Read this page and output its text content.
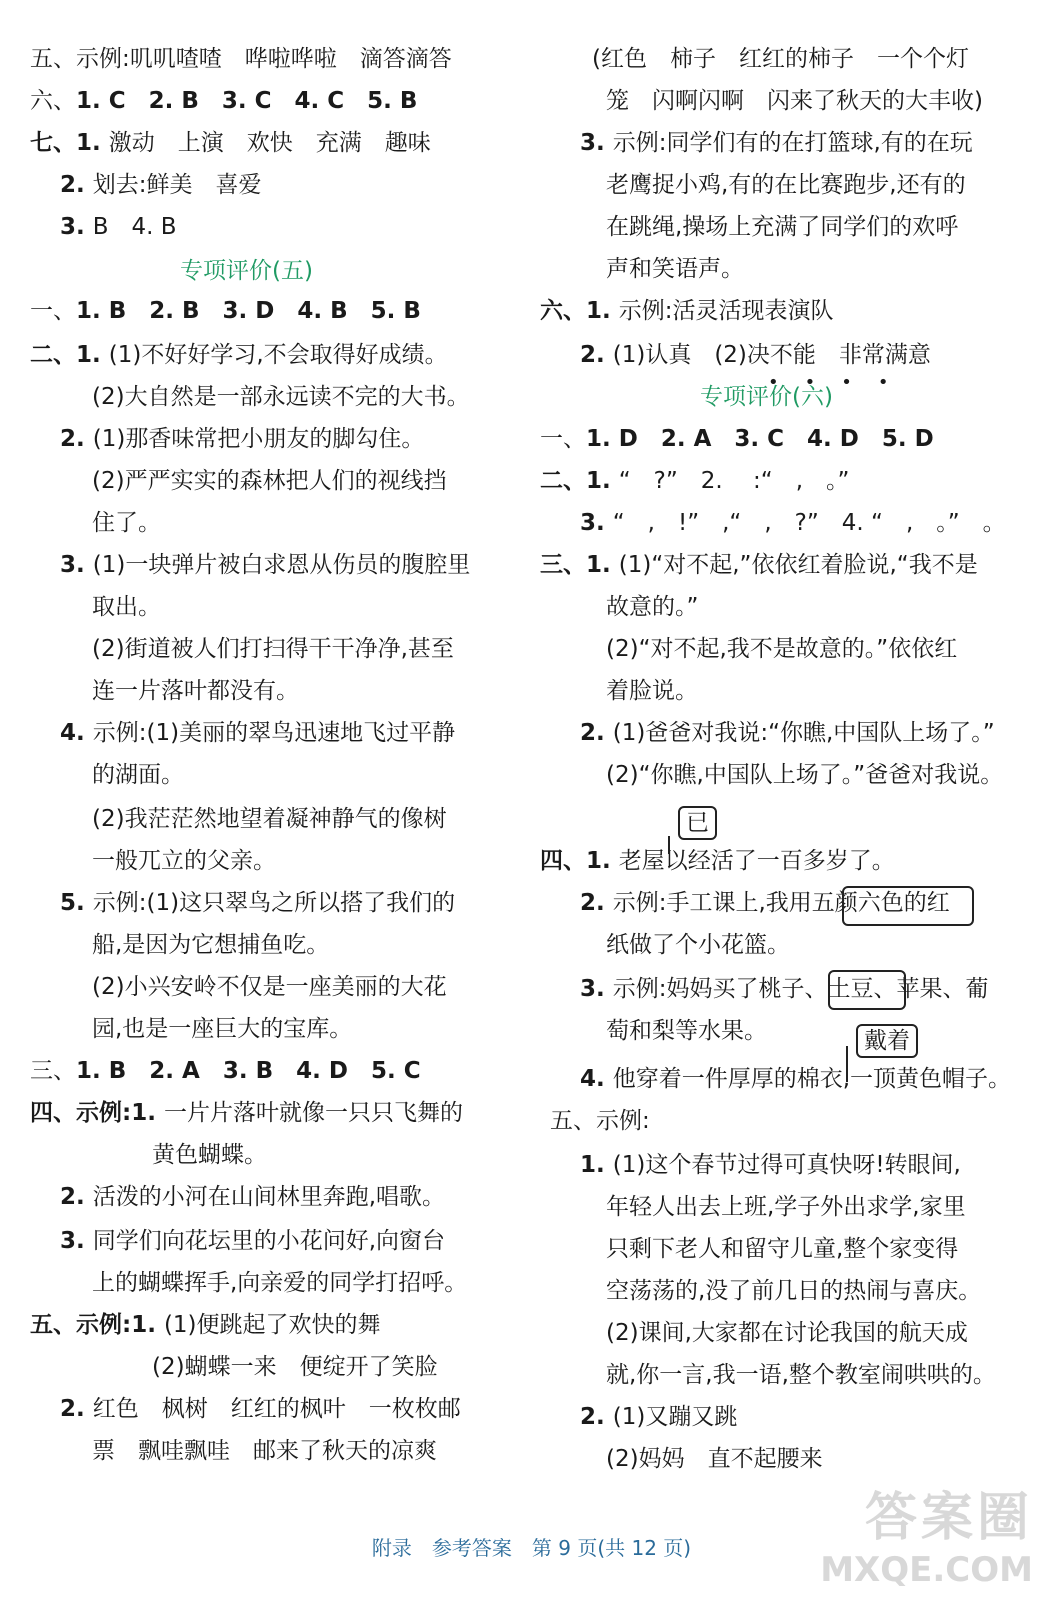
五、示例:叽叽喳喳　哗啦哗啦　滴答滴答
六、1. C　2. B　3. C　4. C　5. B
七、1. 激动　上演　欢快　充满　趣味
2. 划去:鲜美　喜爱
3. B　4. B
专项评价(五)
一、1. B　2. B　3. D　4. B　5. B
二、1. (1)不好好学习,不会取得好成绩。
(2)大自然是一部永远读不完的大书。
2. (1)那香味常把小朋友的脚勾住。
(2)严严实实的森林把人们的视线挡
住了。
3. (1)一块弹片被白求恩从伤员的腹腔里
取出。
(2)街道被人们打扫得干干净净,甚至
连一片落叶都没有。
4. 示例:(1)美丽的翠鸟迅速地飞过平静
的湖面。
(2)我茫茫然地望着凝神静气的像树
一般兀立的父亲。
5. 示例:(1)这只翠鸟之所以搭了我们的
船,是因为它想捕鱼吃。
(2)小兴安岭不仅是一座美丽的大花
园,也是一座巨大的宝库。
三、1. B　2. A　3. B　4. D　5. C
四、示例:1. 一片片落叶就像一只只飞舞的
黄色蝴蝶。
2. 活泼的小河在山间林里奔跑,唱歌。
3. 同学们向花坛里的小花问好,向窗台
上的蝴蝶挥手,向亲爱的同学打招呼。
五、示例:1. (1)便跳起了欢快的舞
(2)蝴蝶一来　便绽开了笑脸
2. 红色　枫树　红红的枫叶　一枚枚邮
票　飘哇飘哇　邮来了秋天的凉爽
(红色　柿子　红红的柿子　一个个灯
笼　闪啊闪啊　闪来了秋天的大丰收)
3. 示例:同学们有的在打篮球,有的在玩
老鹰捉小鸡,有的在比赛跑步,还有的
在跳绳,操场上充满了同学们的欢呼
声和笑语声。
六、1. 示例:活灵活现表演队
2. (1)认真　(2)决不能　非常满意
专项评价(六)
一、1. D　2. A　3. C　4. D　5. D
二、1. “　?”　2. 　:“　,　。”
3. “　,　!”　,“　,　?”　4. “　,　。”　。
三、1. (1)“对不起,”依依红着脸说,“我不是
故意的。”
(2)“对不起,我不是故意的。”依依红
着脸说。
2. (1)爸爸对我说:“你瞧,中国队上场了。”
(2)“你瞧,中国队上场了。”爸爸对我说。
四、1. 老屋以经活了一百多岁了。
2. 示例:手工课上,我用五颜六色的红
纸做了个小花篮。
3. 示例:妈妈买了桃子、土豆、苹果、葡
萄和梨等水果。
4. 他穿着一件厚厚的棉衣,一顶黄色帽子。
五、示例:
1. (1)这个春节过得可真快呀!转眼间,
年轻人出去上班,学子外出求学,家里
只剩下老人和留守儿童,整个家变得
空荡荡的,没了前几日的热闹与喜庆。
(2)课间,大家都在讨论我国的航天成
就,你一言,我一语,整个教室闹哄哄的。
2. (1)又蹦又跳
(2)妈妈　直不起腰来
••••
已
戴着
附录　参考答案　第 9 页(共 12 页)	答案圈
MXQE.COM
